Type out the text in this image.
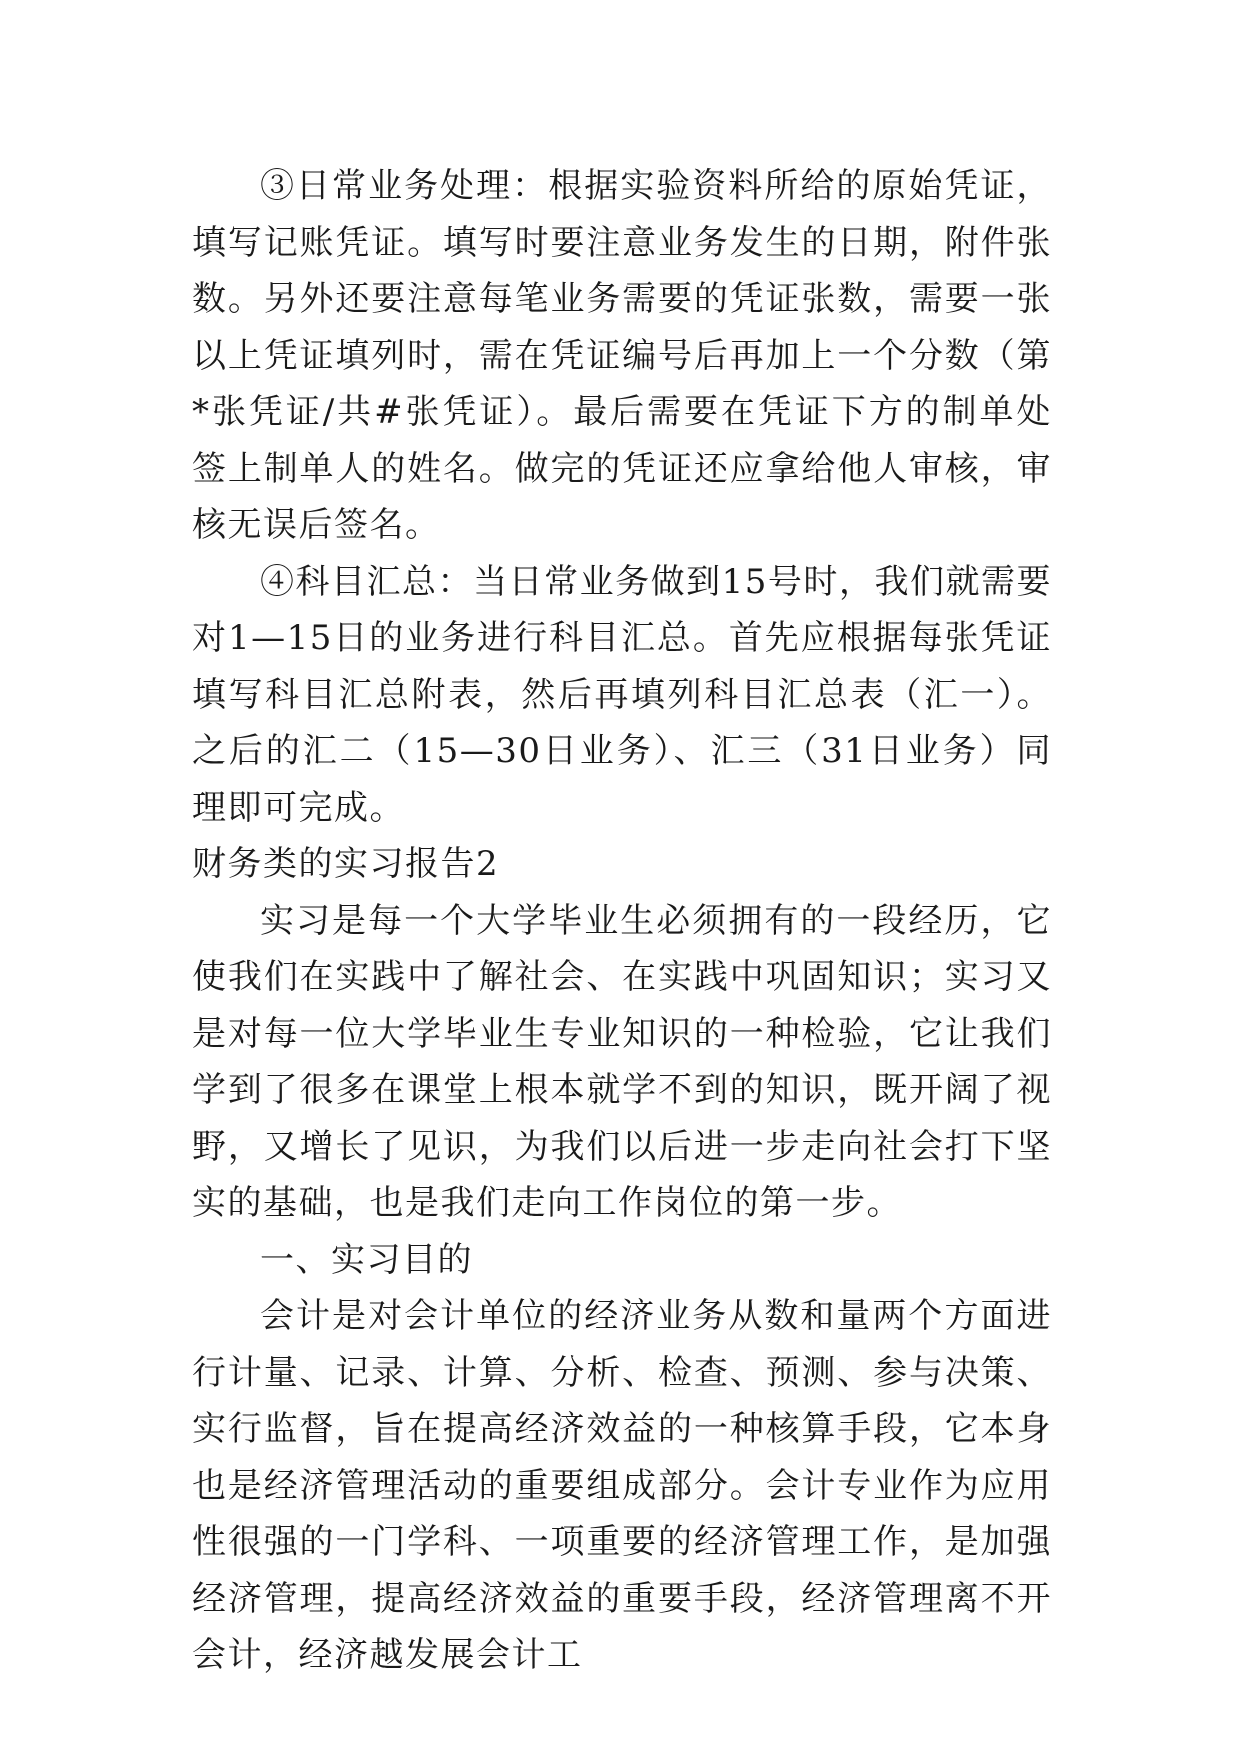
③日常业务处理：根据实验资料所给的原始凭证，填写记账凭证。填写时要注意业务发生的日期，附件张数。另外还要注意每笔业务需要的凭证张数，需要一张以上凭证填列时，需在凭证编号后再加上一个分数（第*张凭证/共#张凭证）。最后需要在凭证下方的制单处签上制单人的姓名。做完的凭证还应拿给他人审核，审核无误后签名。

④科目汇总：当日常业务做到15号时，我们就需要对1—15日的业务进行科目汇总。首先应根据每张凭证填写科目汇总附表，然后再填列科目汇总表（汇一）。之后的汇二（15—30日业务）、汇三（31日业务）同理即可完成。

财务类的实习报告2

实习是每一个大学毕业生必须拥有的一段经历，它使我们在实践中了解社会、在实践中巩固知识；实习又是对每一位大学毕业生专业知识的一种检验，它让我们学到了很多在课堂上根本就学不到的知识，既开阔了视野，又增长了见识，为我们以后进一步走向社会打下坚实的基础，也是我们走向工作岗位的第一步。

一、实习目的

会计是对会计单位的经济业务从数和量两个方面进行计量、记录、计算、分析、检查、预测、参与决策、实行监督，旨在提高经济效益的一种核算手段，它本身也是经济管理活动的重要组成部分。会计专业作为应用性很强的一门学科、一项重要的经济管理工作，是加强经济管理，提高经济效益的重要手段，经济管理离不开会计，经济越发展会计工
